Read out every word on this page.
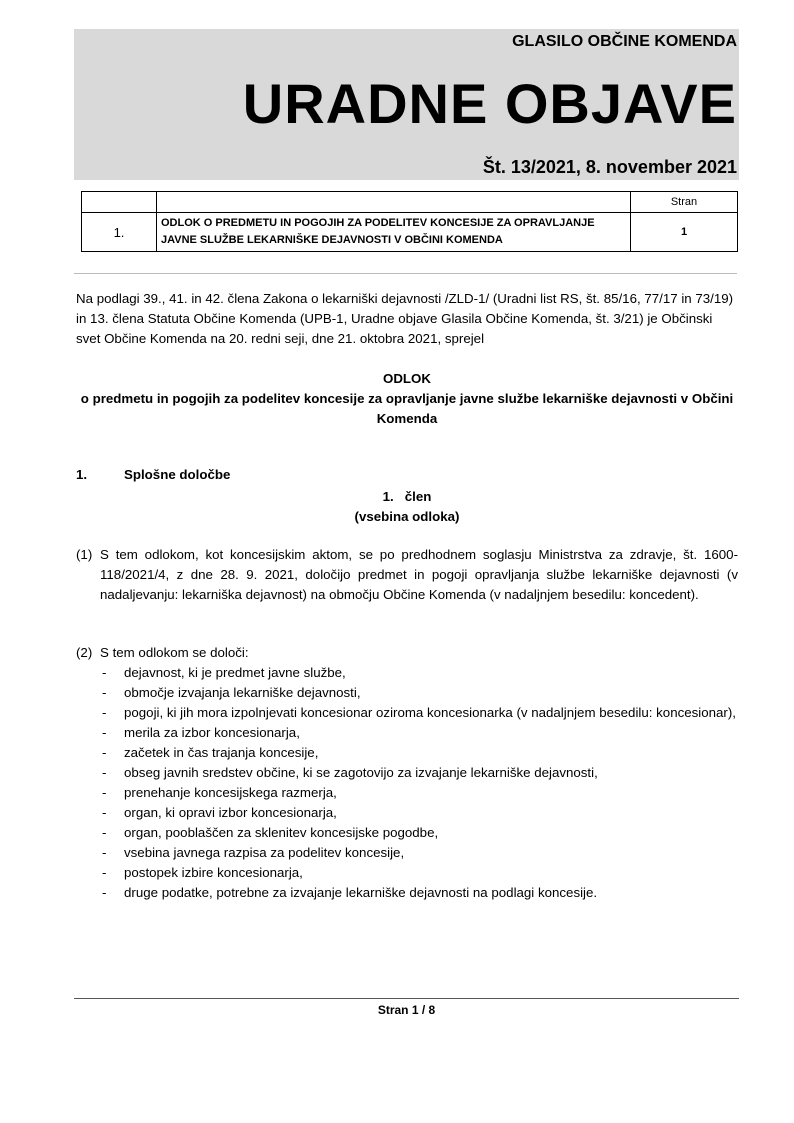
GLASILO OBČINE KOMENDA
URADNE OBJAVE
Št. 13/2021, 8. november 2021
		Stran
1.	ODLOK O PREDMETU IN POGOJIH ZA PODELITEV KONCESIJE ZA OPRAVLJANJE JAVNE SLUŽBE LEKARNIŠKE DEJAVNOSTI V OBČINI KOMENDA	1
Na podlagi 39., 41. in 42. člena Zakona o lekarniški dejavnosti /ZLD-1/ (Uradni list RS, št. 85/16, 77/17 in 73/19) in 13. člena Statuta Občine Komenda (UPB-1, Uradne objave Glasila Občine Komenda, št. 3/21) je Občinski svet Občine Komenda na 20. redni seji, dne 21. oktobra 2021, sprejel
ODLOK
o predmetu in pogojih za podelitev koncesije za opravljanje javne službe lekarniške dejavnosti v Občini Komenda
1.	Splošne določbe
1. člen
(vsebina odloka)
(1) S tem odlokom, kot koncesijskim aktom, se po predhodnem soglasju Ministrstva za zdravje, št. 1600-118/2021/4, z dne 28. 9. 2021, določijo predmet in pogoji opravljanja službe lekarniške dejavnosti (v nadaljevanju: lekarniška dejavnost) na območju Občine Komenda (v nadaljnjem besedilu: koncedent).
(2) S tem odlokom se določi:
- dejavnost, ki je predmet javne službe,
- območje izvajanja lekarniške dejavnosti,
- pogoji, ki jih mora izpolnjevati koncesionar oziroma koncesionarka (v nadaljnjem besedilu: koncesionar),
- merila za izbor koncesionarja,
- začetek in čas trajanja koncesije,
- obseg javnih sredstev občine, ki se zagotovijo za izvajanje lekarniške dejavnosti,
- prenehanje koncesijskega razmerja,
- organ, ki opravi izbor koncesionarja,
- organ, pooblaščen za sklenitev koncesijske pogodbe,
- vsebina javnega razpisa za podelitev koncesije,
- postopek izbire koncesionarja,
- druge podatke, potrebne za izvajanje lekarniške dejavnosti na podlagi koncesije.
Stran 1 / 8
